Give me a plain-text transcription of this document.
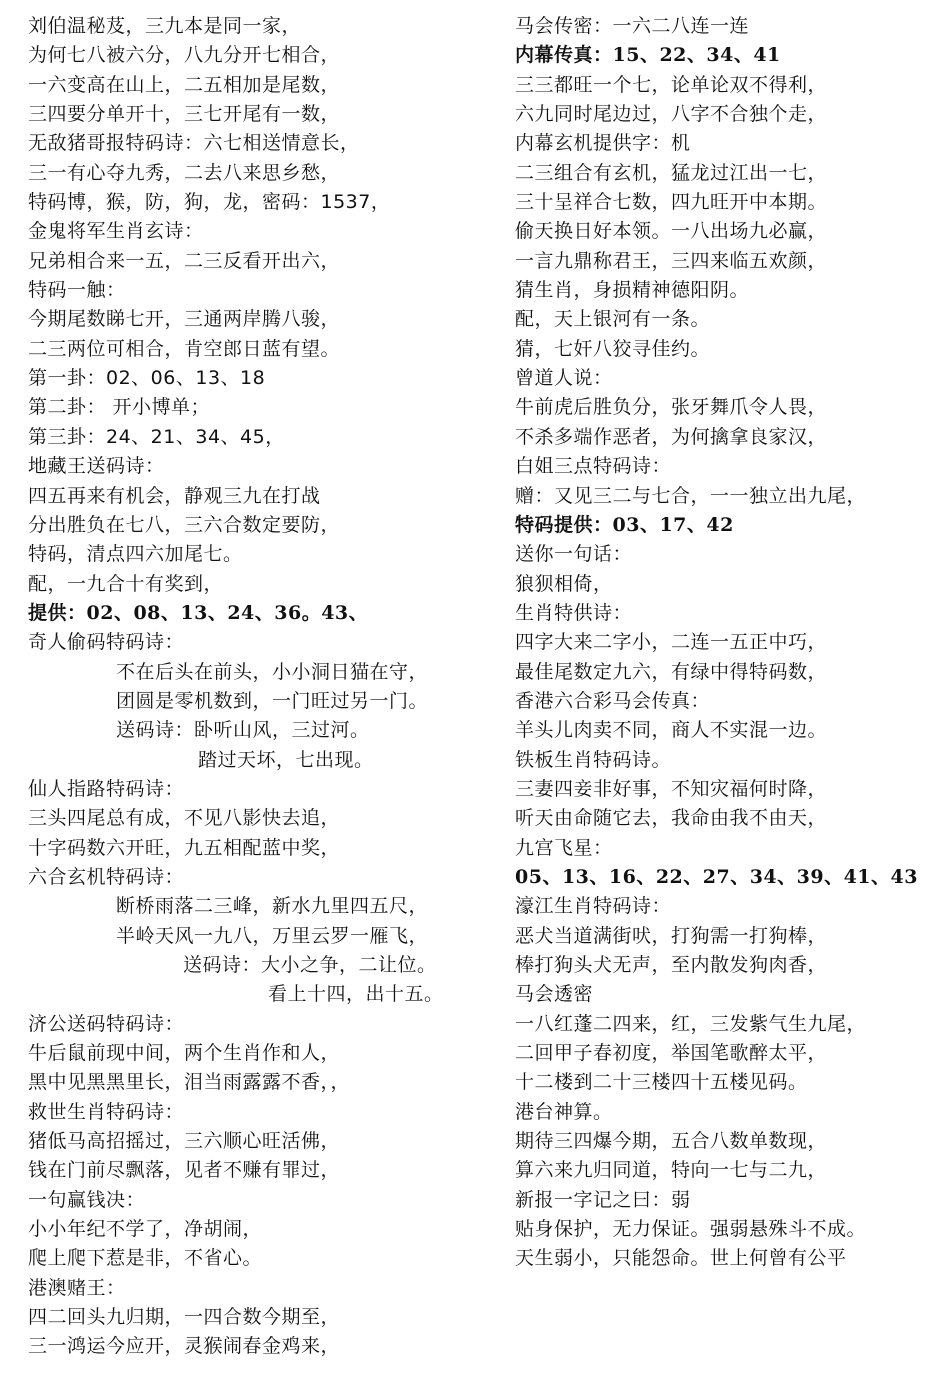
刘伯温秘芨，三九本是同一家，
为何七八被六分，八九分开七相合，
一六变高在山上，二五相加是尾数，
三四要分单开十，三七开尾有一数，
无敌猪哥报特码诗：六七相送情意长，
三一有心夺九秀，二去八来思乡愁，
特码博，猴，防，狗，龙，密码：1537，
金鬼将军生肖玄诗：
兄弟相合来一五，二三反看开出六，
特码一触：
今期尾数睇七开，三通两岸腾八骏，
二三两位可相合，肯空郎日蓝有望。
第一卦：02、06、13、18
第二卦： 开小博单；
第三卦：24、21、34、45，
地藏王送码诗：
四五再来有机会，静观三九在打战
分出胜负在七八，三六合数定要防，
特码，清点四六加尾七。
配，一九合十有奖到，
提供：02、08、13、24、36。43、
奇人偷码特码诗：
不在后头在前头，小小洞日猫在守，
团圆是零机数到，一门旺过另一门。
送码诗：卧听山风，三过河。
踏过天坏，七出现。
仙人指路特码诗：
三头四尾总有成，不见八影快去追，
十字码数六开旺，九五相配蓝中奖，
六合玄机特码诗：
断桥雨落二三峰，新水九里四五尺，
半岭天风一九八，万里云罗一雁飞，
送码诗：大小之争，二让位。
看上十四，出十五。
济公送码特码诗：
牛后鼠前现中间，两个生肖作和人，
黑中见黑黑里长，泪当雨露露不香，，
救世生肖特码诗：
猪低马高招摇过，三六顺心旺活佛，
钱在门前尽飘落，见者不赚有罪过，
一句赢钱决：
小小年纪不学了，净胡闹，
爬上爬下惹是非，不省心。
港澳赌王：
四二回头九归期，一四合数今期至，
三一鸿运今应开，灵猴闹春金鸡来，
马会传密：一六二八连一连
内幕传真：15、22、34、41
三三都旺一个七，论单论双不得利，
六九同时尾边过，八字不合独个走，
内幕玄机提供字：机
二三组合有玄机，猛龙过江出一七，
三十呈祥合七数，四九旺开中本期。
偷天换日好本领。一八出场九必赢，
一言九鼎称君王，三四来临五欢颜，
猜生肖，身损精神德阳阴。
配，天上银河有一条。
猜，七奸八狡寻佳约。
曾道人说：
牛前虎后胜负分，张牙舞爪令人畏，
不杀多端作恶者，为何擒拿良家汉，
白姐三点特码诗：
赠：又见三二与七合，一一独立出九尾，
特码提供：03、17、42
送你一句话：
狼狈相倚，
生肖特供诗：
四字大来二字小，二连一五正中巧，
最佳尾数定九六，有绿中得特码数，
香港六合彩马会传真：
羊头儿肉卖不同，商人不实混一边。
铁板生肖特码诗。
三妻四妾非好事，不知灾福何时降，
听天由命随它去，我命由我不由天，
九宫飞星：
05、13、16、22、27、34、39、41、43
濠江生肖特码诗：
恶犬当道满街吠，打狗需一打狗棒，
棒打狗头犬无声，至内散发狗肉香，
马会透密
一八红蓬二四来，红，三发紫气生九尾，
二回甲子春初度，举国笔歌醉太平，
十二楼到二十三楼四十五楼见码。
港台神算。
期待三四爆今期，五合八数单数现，
算六来九归同道，特向一七与二九，
新报一字记之曰：弱
贴身保护，无力保证。强弱悬殊斗不成。
天生弱小，只能怨命。世上何曾有公平
